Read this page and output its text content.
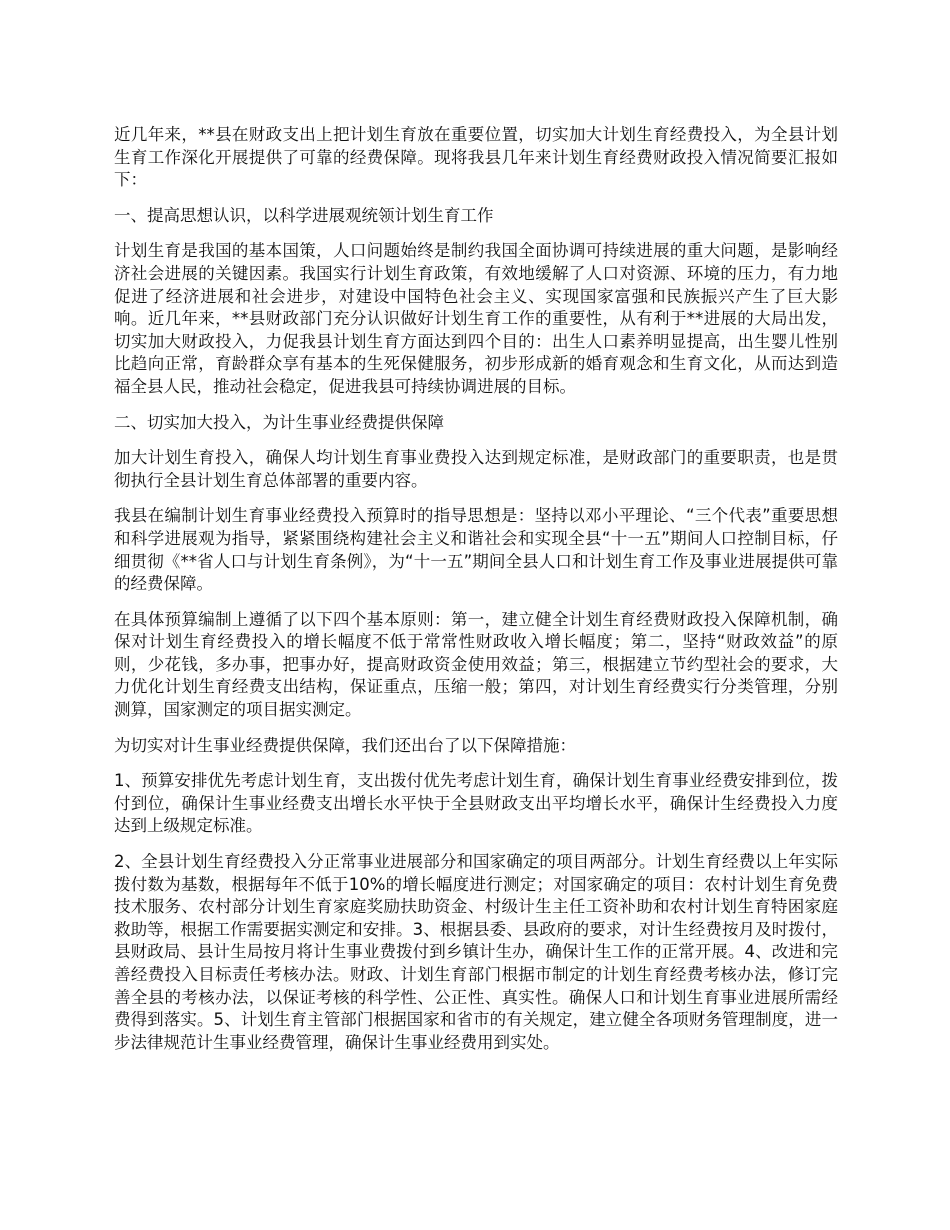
近几年来，**县在财政支出上把计划生育放在重要位置，切实加大计划生育经费投入，为全县计划生育工作深化开展提供了可靠的经费保障。现将我县几年来计划生育经费财政投入情况简要汇报如下：

一、提高思想认识，以科学进展观统领计划生育工作

计划生育是我国的基本国策，人口问题始终是制约我国全面协调可持续进展的重大问题，是影响经济社会进展的关键因素。我国实行计划生育政策，有效地缓解了人口对资源、环境的压力，有力地促进了经济进展和社会进步，对建设中国特色社会主义、实现国家富强和民族振兴产生了巨大影响。近几年来，**县财政部门充分认识做好计划生育工作的重要性，从有利于**进展的大局出发，切实加大财政投入，力促我县计划生育方面达到四个目的：出生人口素养明显提高，出生婴儿性别比趋向正常，育龄群众享有基本的生死保健服务，初步形成新的婚育观念和生育文化，从而达到造福全县人民，推动社会稳定，促进我县可持续协调进展的目标。

二、切实加大投入，为计生事业经费提供保障

加大计划生育投入，确保人均计划生育事业费投入达到规定标准，是财政部门的重要职责，也是贯彻执行全县计划生育总体部署的重要内容。

我县在编制计划生育事业经费投入预算时的指导思想是：坚持以邓小平理论、“三个代表”重要思想和科学进展观为指导，紧紧围绕构建社会主义和谐社会和实现全县“十一五”期间人口控制目标，仔细贯彻《**省人口与计划生育条例》，为“十一五”期间全县人口和计划生育工作及事业进展提供可靠的经费保障。

在具体预算编制上遵循了以下四个基本原则：第一，建立健全计划生育经费财政投入保障机制，确保对计划生育经费投入的增长幅度不低于常常性财政收入增长幅度；第二，坚持“财政效益”的原则，少花钱，多办事，把事办好，提高财政资金使用效益；第三，根据建立节约型社会的要求，大力优化计划生育经费支出结构，保证重点，压缩一般；第四，对计划生育经费实行分类管理，分别测算，国家测定的项目据实测定。

为切实对计生事业经费提供保障，我们还出台了以下保障措施：

1、预算安排优先考虑计划生育，支出拨付优先考虑计划生育，确保计划生育事业经费安排到位，拨付到位，确保计生事业经费支出增长水平快于全县财政支出平均增长水平，确保计生经费投入力度达到上级规定标准。

2、全县计划生育经费投入分正常事业进展部分和国家确定的项目两部分。计划生育经费以上年实际拨付数为基数，根据每年不低于10%的增长幅度进行测定；对国家确定的项目：农村计划生育免费技术服务、农村部分计划生育家庭奖励扶助资金、村级计生主任工资补助和农村计划生育特困家庭救助等，根据工作需要据实测定和安排。3、根据县委、县政府的要求，对计生经费按月及时拨付，县财政局、县计生局按月将计生事业费拨付到乡镇计生办，确保计生工作的正常开展。4、改进和完善经费投入目标责任考核办法。财政、计划生育部门根据市制定的计划生育经费考核办法，修订完善全县的考核办法，以保证考核的科学性、公正性、真实性。确保人口和计划生育事业进展所需经费得到落实。5、计划生育主管部门根据国家和省市的有关规定，建立健全各项财务管理制度，进一步法律规范计生事业经费管理，确保计生事业经费用到实处。
